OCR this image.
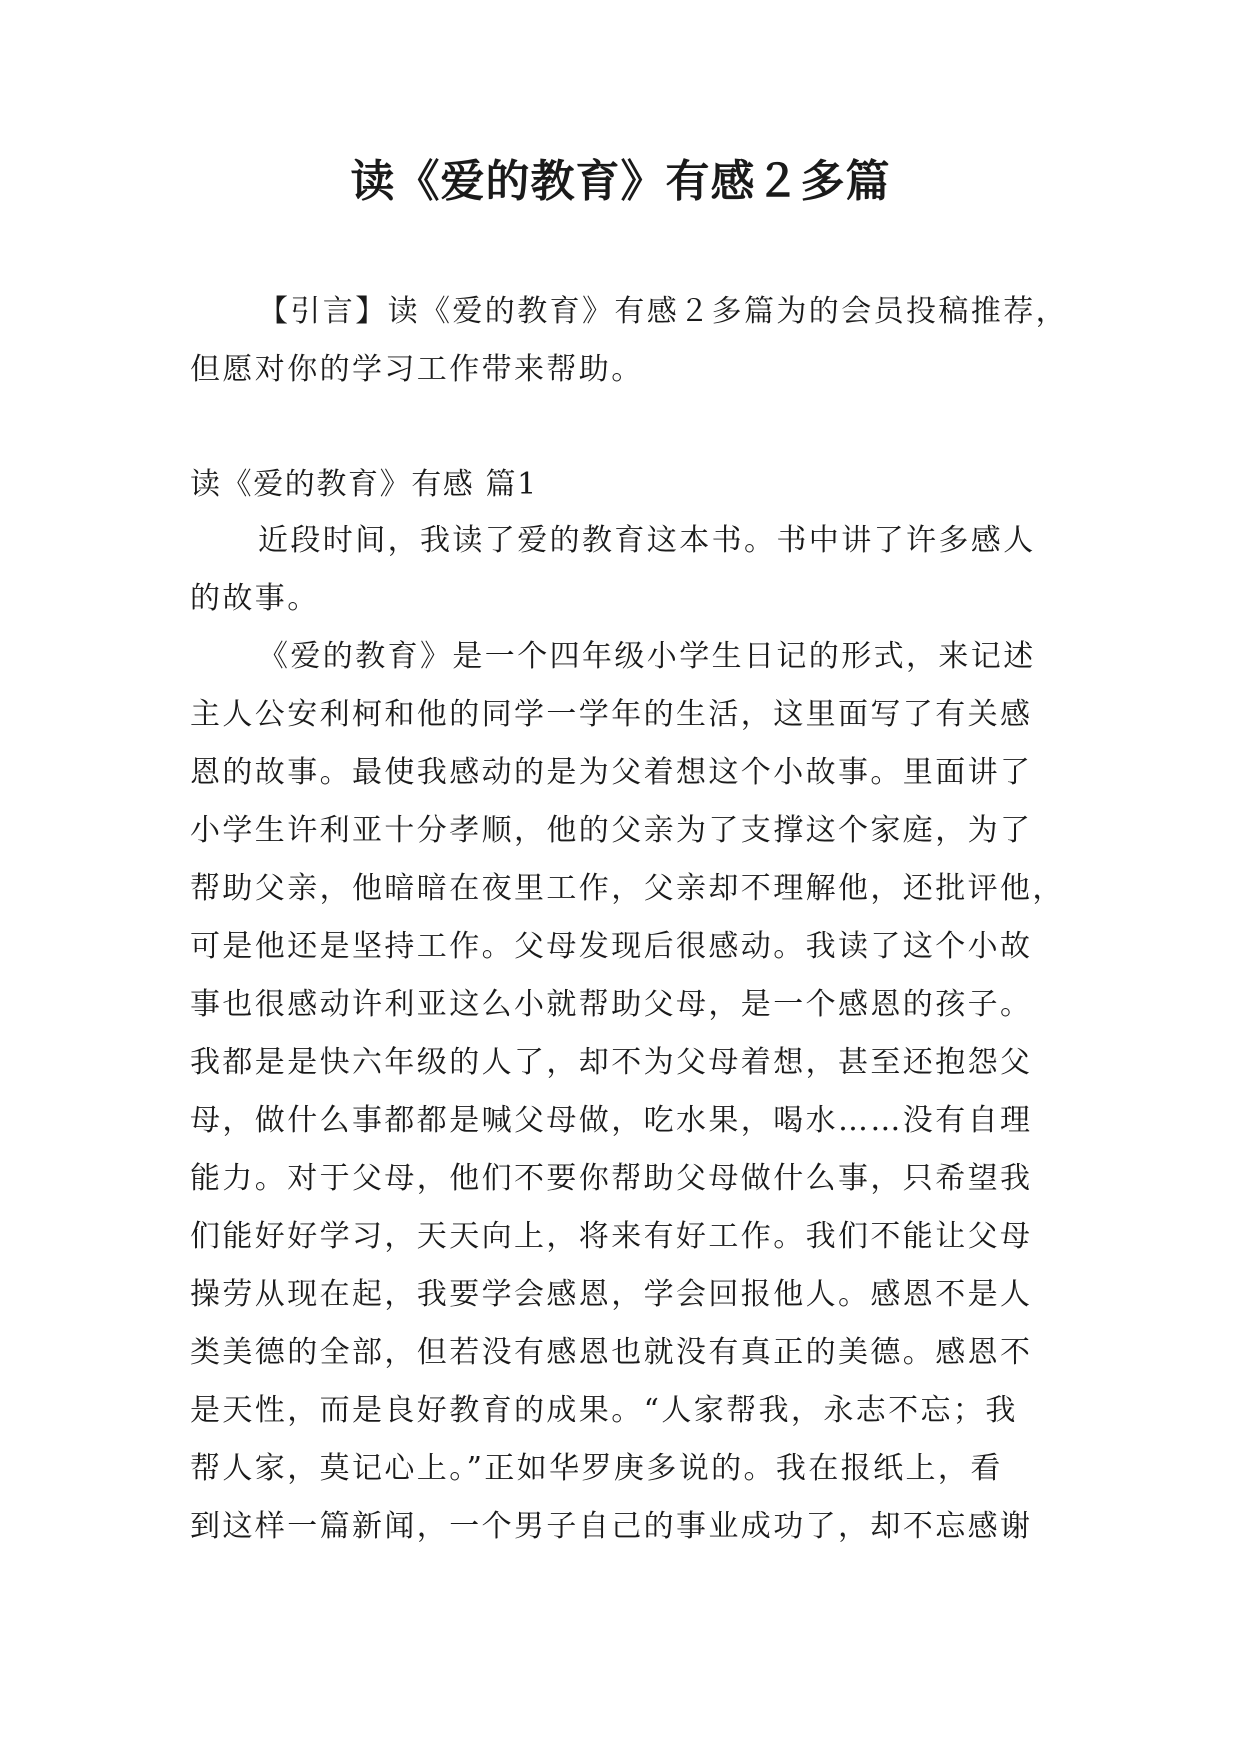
读《爱的教育》有感２多篇
【引言】读《爱的教育》有感２多篇为的会员投稿推荐，
但愿对你的学习工作带来帮助。
读《爱的教育》有感 篇1
近段时间，我读了爱的教育这本书。书中讲了许多感人
的故事。
《爱的教育》是一个四年级小学生日记的形式，来记述
主人公安利柯和他的同学一学年的生活，这里面写了有关感
恩的故事。最使我感动的是为父着想这个小故事。里面讲了
小学生许利亚十分孝顺，他的父亲为了支撑这个家庭，为了
帮助父亲，他暗暗在夜里工作，父亲却不理解他，还批评他，
可是他还是坚持工作。父母发现后很感动。我读了这个小故
事也很感动许利亚这么小就帮助父母，是一个感恩的孩子。
我都是是快六年级的人了，却不为父母着想，甚至还抱怨父
母，做什么事都都是喊父母做，吃水果，喝水……没有自理
能力。对于父母，他们不要你帮助父母做什么事，只希望我
们能好好学习，天天向上，将来有好工作。我们不能让父母
操劳从现在起，我要学会感恩，学会回报他人。感恩不是人
类美德的全部，但若没有感恩也就没有真正的美德。感恩不
是天性，而是良好教育的成果。“人家帮我，永志不忘；我
帮人家，莫记心上。”正如华罗庚多说的。我在报纸上，看
到这样一篇新闻，一个男子自己的事业成功了，却不忘感谢
